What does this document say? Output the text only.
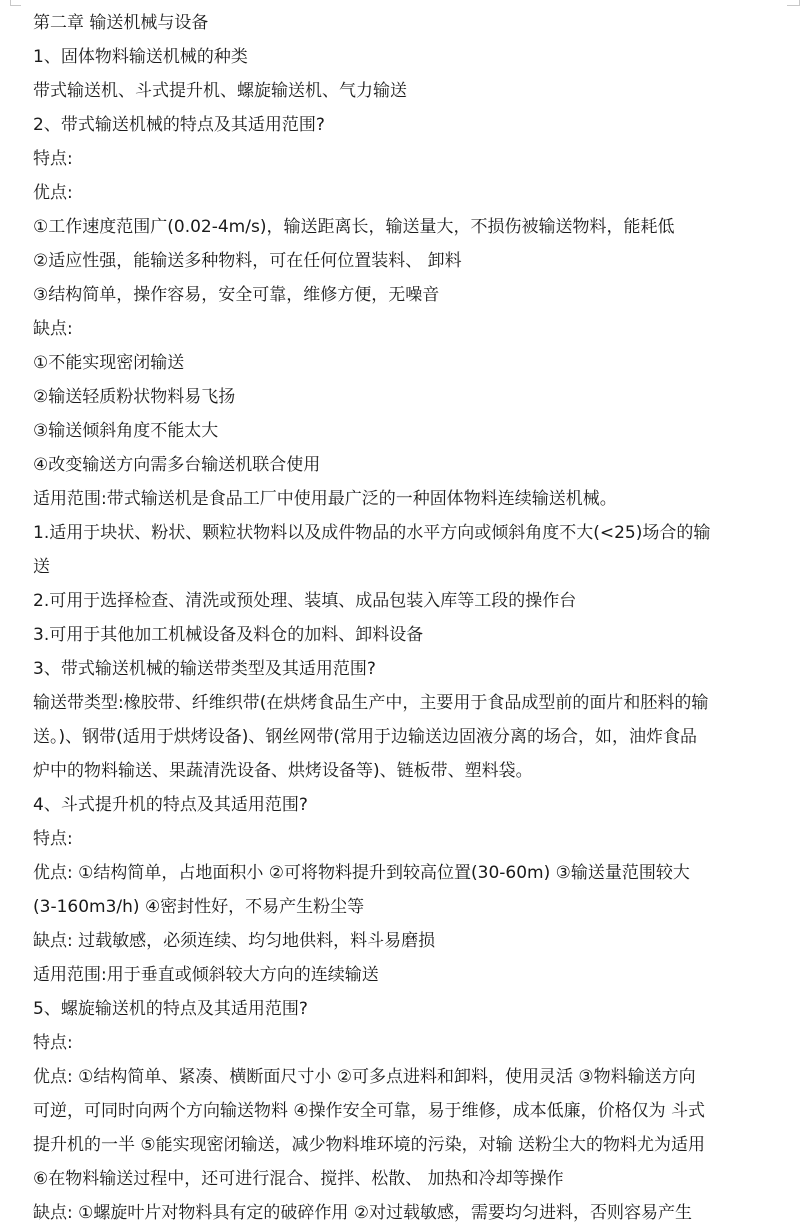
第二章 输送机械与设备
1、固体物料输送机械的种类
带式输送机、斗式提升机、螺旋输送机、气力输送
2、带式输送机械的特点及其适用范围?
特点:
优点:
①工作速度范围广(0.02-4m/s)，输送距离长，输送量大，不损伤被输送物料，能耗低
②适应性强，能输送多种物料，可在任何位置装料、 卸料
③结构简单，操作容易，安全可靠，维修方便，无噪音
缺点:
①不能实现密闭输送
②输送轻质粉状物料易飞扬
③输送倾斜角度不能太大
④改变输送方向需多台输送机联合使用
适用范围:带式输送机是食品工厂中使用最广泛的一种固体物料连续输送机械。
1.适用于块状、粉状、颗粒状物料以及成件物品的水平方向或倾斜角度不大(<25)场合的输
送
2.可用于选择检查、清洗或预处理、装填、成品包装入库等工段的操作台
3.可用于其他加工机械设备及料仓的加料、卸料设备
3、带式输送机械的输送带类型及其适用范围?
输送带类型:橡胶带、纤维织带(在烘烤食品生产中，主要用于食品成型前的面片和胚料的输
送。)、钢带(适用于烘烤设备)、钢丝网带(常用于边输送边固液分离的场合，如，油炸食品
炉中的物料输送、果蔬清洗设备、烘烤设备等)、链板带、塑料袋。
4、斗式提升机的特点及其适用范围?
特点:
优点: ①结构简单，占地面积小 ②可将物料提升到较高位置(30-60m) ③输送量范围较大
(3-160m3/h) ④密封性好，不易产生粉尘等
缺点: 过载敏感，必须连续、均匀地供料，料斗易磨损
适用范围:用于垂直或倾斜较大方向的连续输送
5、螺旋输送机的特点及其适用范围?
特点:
优点: ①结构简单、紧凑、横断面尺寸小 ②可多点进料和卸料，使用灵活 ③物料输送方向
可逆，可同时向两个方向输送物料 ④操作安全可靠，易于维修，成本低廉，价格仅为 斗式
提升机的一半 ⑤能实现密闭输送，减少物料堆环境的污染，对输 送粉尘大的物料尤为适用
⑥在物料输送过程中，还可进行混合、搅拌、松散、 加热和冷却等操作
缺点: ①螺旋叶片对物料具有定的破碎作用 ②对过载敏感，需要均匀进料，否则容易产生
